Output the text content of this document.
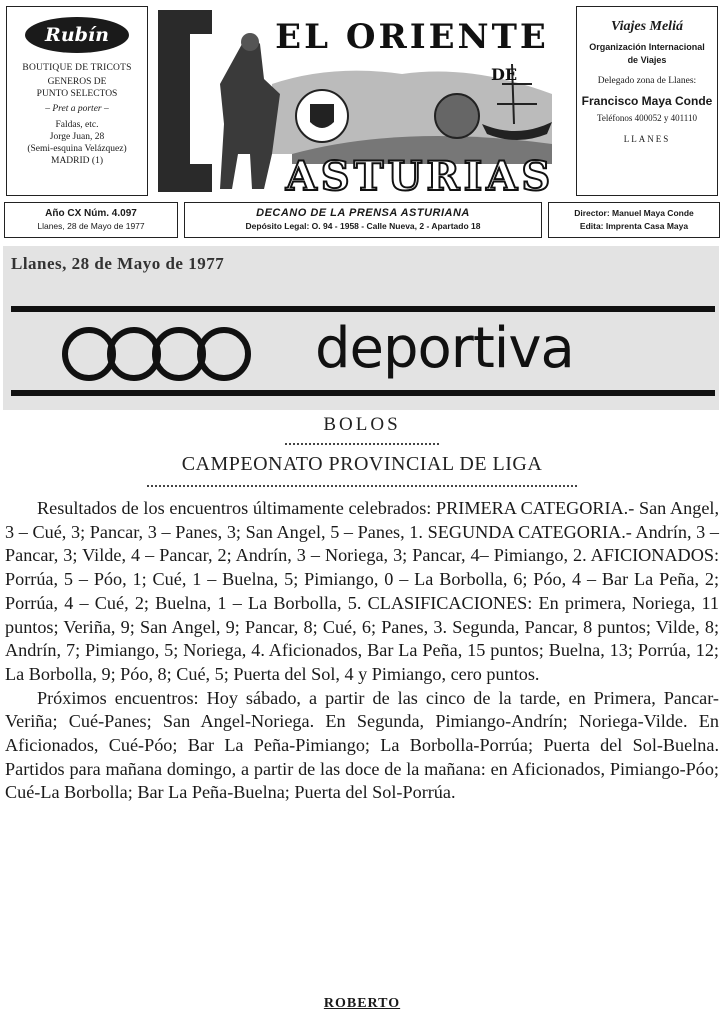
Rubín
BOUTIQUE DE TRICOTS
GENEROS DE
PUNTO SELECTOS
– Pret a porter –
Faldas, etc.
Jorge Juan, 28
(Semi-esquina Velázquez)
MADRID (1)
EL ORIENTE
DE
ASTURIAS
Viajes Meliá
Organización Internacional
de Viajes
Delegado zona de Llanes:
Francisco Maya Conde
Teléfonos 400052 y 401110
LLANES
Año CX Núm. 4.097
Llanes, 28 de Mayo de 1977
DECANO DE LA PRENSA ASTURIANA
Depósito Legal: O. 94 - 1958 - Calle Nueva, 2 - Apartado 18
Director: Manuel Maya Conde
Edita: Imprenta Casa Maya
Llanes, 28 de Mayo de 1977
deportiva
BOLOS
CAMPEONATO PROVINCIAL DE LIGA

Resultados de los encuentros últimamente celebrados: PRIMERA CATEGORIA.- San Angel, 3 – Cué, 3; Pancar, 3 – Panes, 3; San Angel, 5 – Panes, 1. SEGUNDA CATEGORIA.- Andrín, 3 – Pancar, 3; Vilde, 4 – Pancar, 2; Andrín, 3 – Noriega, 3; Pancar, 4– Pimiango, 2. AFICIONADOS: Porrúa, 5 – Póo, 1; Cué, 1 – Buelna, 5; Pimiango, 0 – La Borbolla, 6; Póo, 4 – Bar La Peña, 2; Porrúa, 4 – Cué, 2; Buelna, 1 – La Borbolla, 5. CLASIFICACIONES: En primera, Noriega, 11 puntos; Veriña, 9; San Angel, 9; Pancar, 8; Cué, 6; Panes, 3. Segunda, Pancar, 8 puntos; Vilde, 8; Andrín, 7; Pimiango, 5; Noriega, 4. Aficionados, Bar La Peña, 15 puntos; Buelna, 13; Porrúa, 12; La Borbolla, 9; Póo, 8; Cué, 5; Puerta del Sol, 4 y Pimiango, cero puntos.

Próximos encuentros: Hoy sábado, a partir de las cinco de la tarde, en Primera, Pancar-Veriña; Cué-Panes; San Angel-Noriega. En Segunda, Pimiango-Andrín; Noriega-Vilde. En Aficionados, Cué-Póo; Bar La Peña-Pimiango; La Borbolla-Porrúa; Puerta del Sol-Buelna. Partidos para mañana domingo, a partir de las doce de la mañana: en Aficionados, Pimiango-Póo; Cué-La Borbolla; Bar La Peña-Buelna; Puerta del Sol-Porrúa.

ROBERTO
